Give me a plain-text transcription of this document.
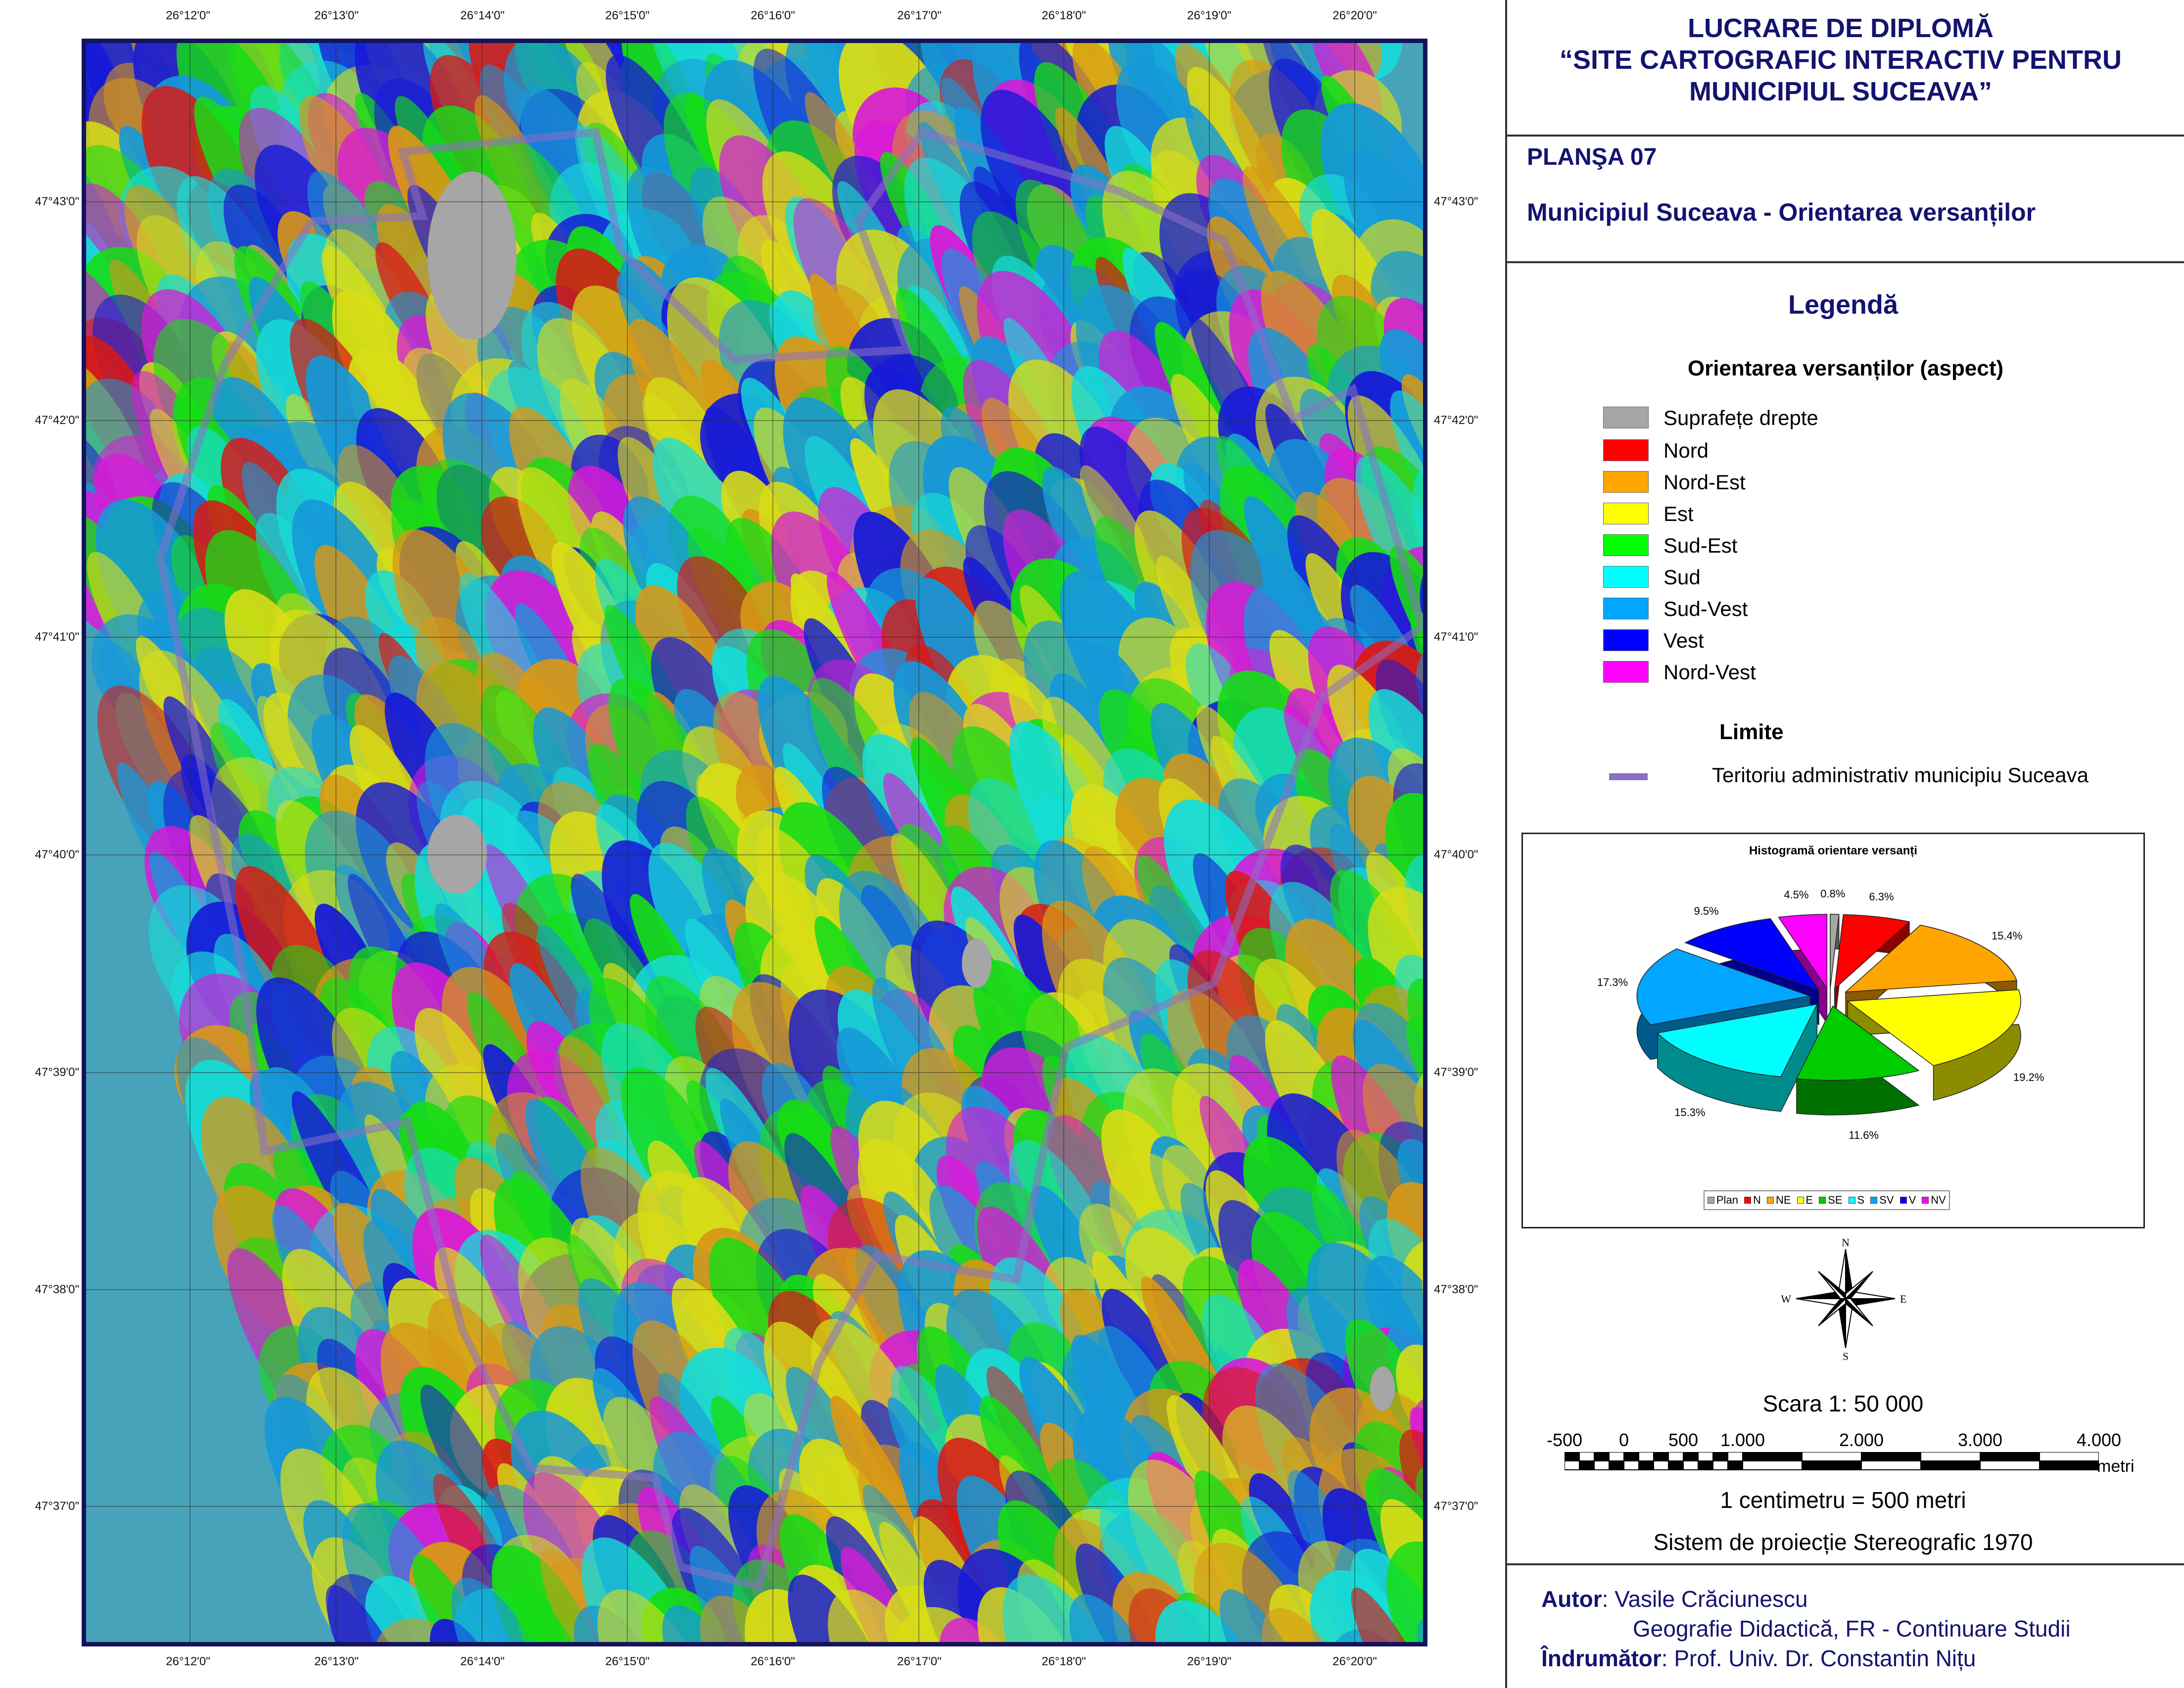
LUCRARE DE DIPLOMĂ
“SITE CARTOGRAFIC INTERACTIV PENTRU
MUNICIPIUL SUCEAVA”
PLANŞA 07
Municipiul Suceava - Orientarea versanților
Legendă
Orientarea versanților (aspect)
Suprafețe drepte
Nord
Nord-Est
Est
Sud-Est
Sud
Sud-Vest
Vest
Nord-Vest
Limite
Teritoriu administrativ municipiu Suceava
Histogramă orientare versanți
0.8% 6.3%
15.4%
19.2%
11.6%
15.3%
17.3%
9.5%
4.5%
Plan N NE E SE S SV V NV
N
S
E
W
Scara 1: 50 000
-500 0 500 1.000	2.000	3.000	4.000
metri
1 centimetru = 500 metri
Sistem de proiecție Stereografic 1970
Autor: Vasile Crăciunescu
Geografie Didactică, FR - Continuare Studii
Îndrumător: Prof. Univ. Dr. Constantin Nițu
26°12'0"	26°13'0"	26°14'0"	26°15'0"	26°16'0"	26°17'0"	26°18'0"	26°19'0"	26°20'0"
26°12'0"	26°13'0"	26°14'0"	26°15'0"	26°16'0"	26°17'0"	26°18'0"	26°19'0"	26°20'0"
47°43'0"
47°42'0"
47°41'0"
47°40'0"
47°39'0"
47°38'0"
47°37'0"
47°43'0"
47°42'0"
47°41'0"
47°40'0"
47°39'0"
47°38'0"
47°37'0"
